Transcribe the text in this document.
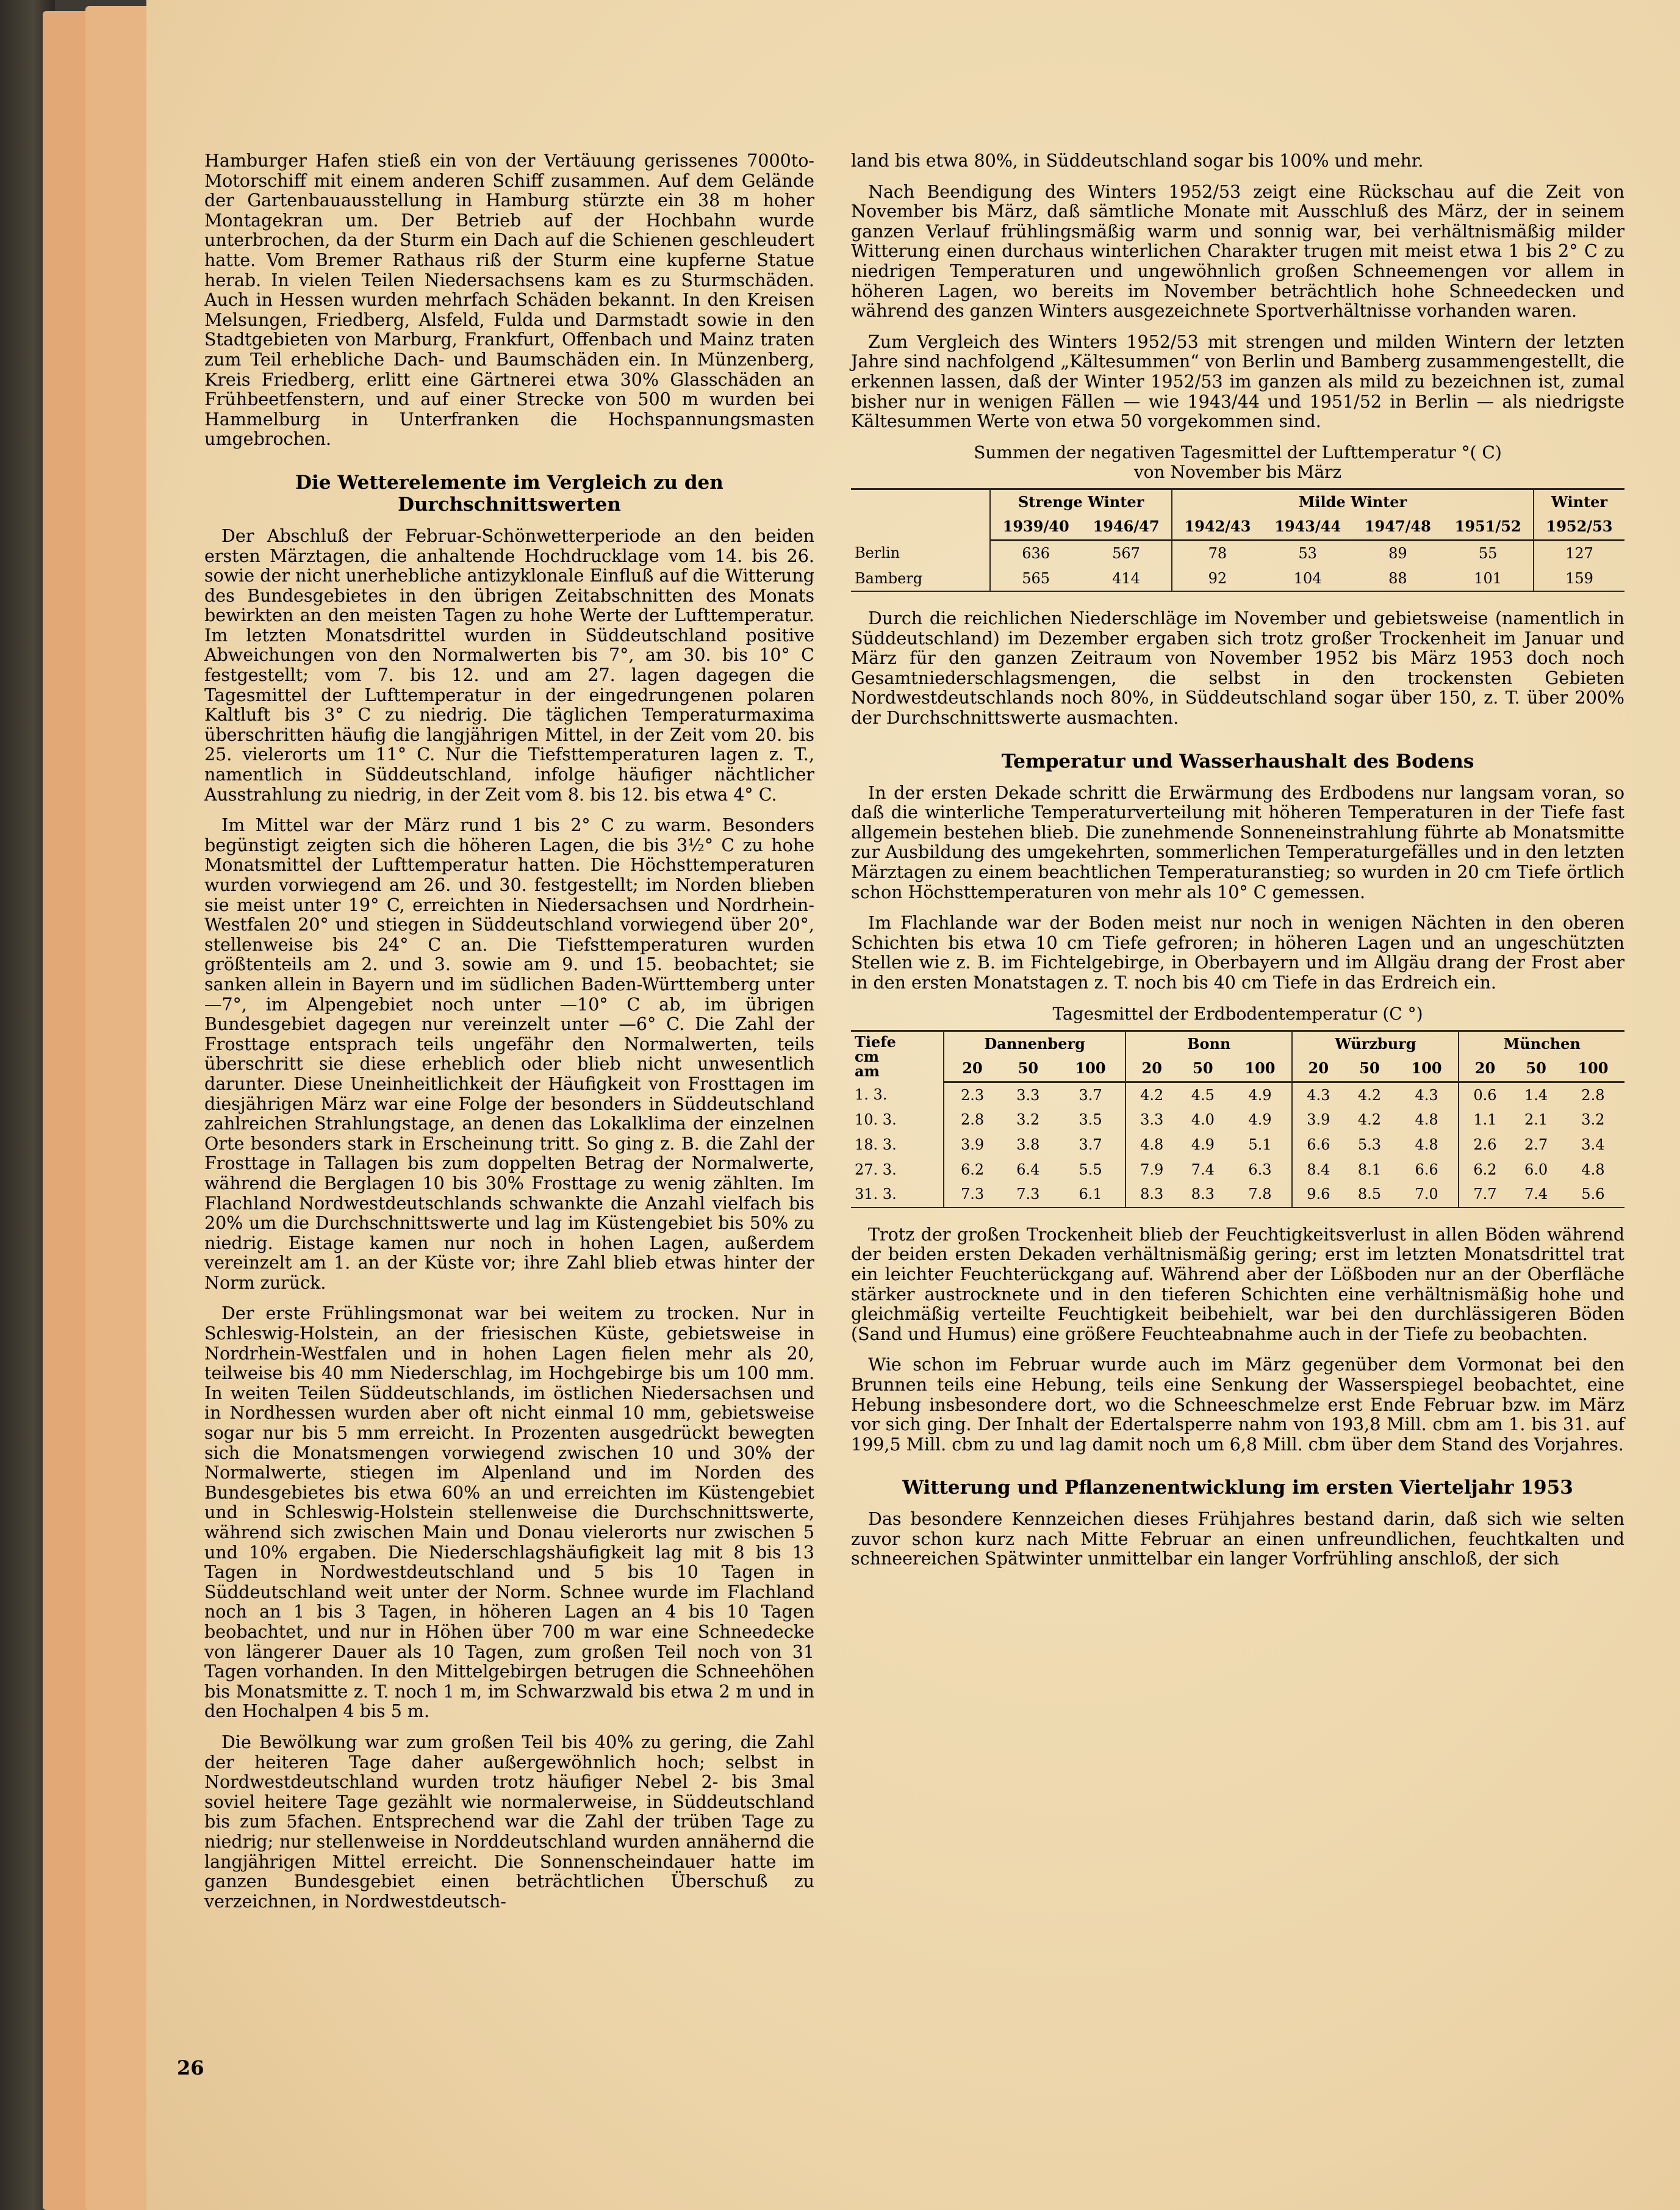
Hamburger Hafen stieß ein von der Vertäuung gerissenes 7000to-Motorschiff mit einem anderen Schiff zusammen. Auf dem Gelände der Gartenbauausstellung in Hamburg stürzte ein 38 m hoher Montagekran um. Der Betrieb auf der Hochbahn wurde unterbrochen, da der Sturm ein Dach auf die Schienen geschleudert hatte. Vom Bremer Rathaus riß der Sturm eine kupferne Statue herab. In vielen Teilen Niedersachsens kam es zu Sturmschäden. Auch in Hessen wurden mehrfach Schäden bekannt. In den Kreisen Melsungen, Friedberg, Alsfeld, Fulda und Darmstadt sowie in den Stadtgebieten von Marburg, Frankfurt, Offenbach und Mainz traten zum Teil erhebliche Dach- und Baumschäden ein. In Münzenberg, Kreis Friedberg, erlitt eine Gärtnerei etwa 30% Glasschäden an Frühbeetfenstern, und auf einer Strecke von 500 m wurden bei Hammelburg in Unterfranken die Hochspannungsmasten umgebrochen.

Die Wetterelemente im Vergleich zu den Durchschnittswerten

Der Abschluß der Februar-Schönwetterperiode an den beiden ersten Märztagen, die anhaltende Hochdrucklage vom 14. bis 26. sowie der nicht unerhebliche antizyklonale Einfluß auf die Witterung des Bundesgebietes in den übrigen Zeitabschnitten des Monats bewirkten an den meisten Tagen zu hohe Werte der Lufttemperatur. Im letzten Monatsdrittel wurden in Süddeutschland positive Abweichungen von den Normalwerten bis 7°, am 30. bis 10° C festgestellt; vom 7. bis 12. und am 27. lagen dagegen die Tagesmittel der Lufttemperatur in der eingedrungenen polaren Kaltluft bis 3° C zu niedrig. Die täglichen Temperaturmaxima überschritten häufig die langjährigen Mittel, in der Zeit vom 20. bis 25. vielerorts um 11° C. Nur die Tiefsttemperaturen lagen z. T., namentlich in Süddeutschland, infolge häufiger nächtlicher Ausstrahlung zu niedrig, in der Zeit vom 8. bis 12. bis etwa 4° C.

Im Mittel war der März rund 1 bis 2° C zu warm. Besonders begünstigt zeigten sich die höheren Lagen, die bis 3½° C zu hohe Monatsmittel der Lufttemperatur hatten. Die Höchsttemperaturen wurden vorwiegend am 26. und 30. festgestellt; im Norden blieben sie meist unter 19° C, erreichten in Niedersachsen und Nordrhein-Westfalen 20° und stiegen in Süddeutschland vorwiegend über 20°, stellenweise bis 24° C an. Die Tiefsttemperaturen wurden größtenteils am 2. und 3. sowie am 9. und 15. beobachtet; sie sanken allein in Bayern und im südlichen Baden-Württemberg unter —7°, im Alpengebiet noch unter —10° C ab, im übrigen Bundesgebiet dagegen nur vereinzelt unter —6° C. Die Zahl der Frosttage entsprach teils ungefähr den Normalwerten, teils überschritt sie diese erheblich oder blieb nicht unwesentlich darunter. Diese Uneinheitlichkeit der Häufigkeit von Frosttagen im diesjährigen März war eine Folge der besonders in Süddeutschland zahlreichen Strahlungstage, an denen das Lokalklima der einzelnen Orte besonders stark in Erscheinung tritt. So ging z. B. die Zahl der Frosttage in Tallagen bis zum doppelten Betrag der Normalwerte, während die Berglagen 10 bis 30% Frosttage zu wenig zählten. Im Flachland Nordwestdeutschlands schwankte die Anzahl vielfach bis 20% um die Durchschnittswerte und lag im Küstengebiet bis 50% zu niedrig. Eistage kamen nur noch in hohen Lagen, außerdem vereinzelt am 1. an der Küste vor; ihre Zahl blieb etwas hinter der Norm zurück.

Der erste Frühlingsmonat war bei weitem zu trocken. Nur in Schleswig-Holstein, an der friesischen Küste, gebietsweise in Nordrhein-Westfalen und in hohen Lagen fielen mehr als 20, teilweise bis 40 mm Niederschlag, im Hochgebirge bis um 100 mm. In weiten Teilen Süddeutschlands, im östlichen Niedersachsen und in Nordhessen wurden aber oft nicht einmal 10 mm, gebietsweise sogar nur bis 5 mm erreicht. In Prozenten ausgedrückt bewegten sich die Monatsmengen vorwiegend zwischen 10 und 30% der Normalwerte, stiegen im Alpenland und im Norden des Bundesgebietes bis etwa 60% an und erreichten im Küstengebiet und in Schleswig-Holstein stellenweise die Durchschnittswerte, während sich zwischen Main und Donau vielerorts nur zwischen 5 und 10% ergaben. Die Niederschlagshäufigkeit lag mit 8 bis 13 Tagen in Nordwestdeutschland und 5 bis 10 Tagen in Süddeutschland weit unter der Norm. Schnee wurde im Flachland noch an 1 bis 3 Tagen, in höheren Lagen an 4 bis 10 Tagen beobachtet, und nur in Höhen über 700 m war eine Schneedecke von längerer Dauer als 10 Tagen, zum großen Teil noch von 31 Tagen vorhanden. In den Mittelgebirgen betrugen die Schneehöhen bis Monatsmitte z. T. noch 1 m, im Schwarzwald bis etwa 2 m und in den Hochalpen 4 bis 5 m.

Die Bewölkung war zum großen Teil bis 40% zu gering, die Zahl der heiteren Tage daher außergewöhnlich hoch; selbst in Nordwestdeutschland wurden trotz häufiger Nebel 2- bis 3mal soviel heitere Tage gezählt wie normalerweise, in Süddeutschland bis zum 5fachen. Entsprechend war die Zahl der trüben Tage zu niedrig; nur stellenweise in Norddeutschland wurden annähernd die langjährigen Mittel erreicht. Die Sonnenscheindauer hatte im ganzen Bundesgebiet einen beträchtlichen Überschuß zu verzeichnen, in Nordwestdeutsch-

land bis etwa 80%, in Süddeutschland sogar bis 100% und mehr.

Nach Beendigung des Winters 1952/53 zeigt eine Rückschau auf die Zeit von November bis März, daß sämtliche Monate mit Ausschluß des März, der in seinem ganzen Verlauf frühlingsmäßig warm und sonnig war, bei verhältnismäßig milder Witterung einen durchaus winterlichen Charakter trugen mit meist etwa 1 bis 2° C zu niedrigen Temperaturen und ungewöhnlich großen Schneemengen vor allem in höheren Lagen, wo bereits im November beträchtlich hohe Schneedecken und während des ganzen Winters ausgezeichnete Sportverhältnisse vorhanden waren.

Zum Vergleich des Winters 1952/53 mit strengen und milden Wintern der letzten Jahre sind nachfolgend „Kältesummen“ von Berlin und Bamberg zusammengestellt, die erkennen lassen, daß der Winter 1952/53 im ganzen als mild zu bezeichnen ist, zumal bisher nur in wenigen Fällen — wie 1943/44 und 1951/52 in Berlin — als niedrigste Kältesummen Werte von etwa 50 vorgekommen sind.

Summen der negativen Tagesmittel der Lufttemperatur °( C)
von November bis März
	Strenge Winter		Milde Winter				Winter
	1939/40	1946/47	1942/43	1943/44	1947/48	1951/52	1952/53
Berlin	636	567	78	53	89	55	127
Bamberg	565	414	92	104	88	101	159

Durch die reichlichen Niederschläge im November und gebietsweise (namentlich in Süddeutschland) im Dezember ergaben sich trotz großer Trockenheit im Januar und März für den ganzen Zeitraum von November 1952 bis März 1953 doch noch Gesamtniederschlagsmengen, die selbst in den trockensten Gebieten Nordwestdeutschlands noch 80%, in Süddeutschland sogar über 150, z. T. über 200% der Durchschnittswerte ausmachten.

Temperatur und Wasserhaushalt des Bodens

In der ersten Dekade schritt die Erwärmung des Erdbodens nur langsam voran, so daß die winterliche Temperaturverteilung mit höheren Temperaturen in der Tiefe fast allgemein bestehen blieb. Die zunehmende Sonneneinstrahlung führte ab Monatsmitte zur Ausbildung des umgekehrten, sommerlichen Temperaturgefälles und in den letzten Märztagen zu einem beachtlichen Temperaturanstieg; so wurden in 20 cm Tiefe örtlich schon Höchsttemperaturen von mehr als 10° C gemessen.

Im Flachlande war der Boden meist nur noch in wenigen Nächten in den oberen Schichten bis etwa 10 cm Tiefe gefroren; in höheren Lagen und an ungeschützten Stellen wie z. B. im Fichtelgebirge, in Oberbayern und im Allgäu drang der Frost aber in den ersten Monatstagen z. T. noch bis 40 cm Tiefe in das Erdreich ein.

Tagesmittel der Erdbodentemperatur (C °)
Tiefe
cm
am	Dannenberg			Bonn			Würzburg			München		
	20	50	100	20	50	100	20	50	100	20	50	100
1. 3.	2.3	3.3	3.7	4.2	4.5	4.9	4.3	4.2	4.3	0.6	1.4	2.8
10. 3.	2.8	3.2	3.5	3.3	4.0	4.9	3.9	4.2	4.8	1.1	2.1	3.2
18. 3.	3.9	3.8	3.7	4.8	4.9	5.1	6.6	5.3	4.8	2.6	2.7	3.4
27. 3.	6.2	6.4	5.5	7.9	7.4	6.3	8.4	8.1	6.6	6.2	6.0	4.8
31. 3.	7.3	7.3	6.1	8.3	8.3	7.8	9.6	8.5	7.0	7.7	7.4	5.6

Trotz der großen Trockenheit blieb der Feuchtigkeitsverlust in allen Böden während der beiden ersten Dekaden verhältnismäßig gering; erst im letzten Monatsdrittel trat ein leichter Feuchterückgang auf. Während aber der Lößboden nur an der Oberfläche stärker austrocknete und in den tieferen Schichten eine verhältnismäßig hohe und gleichmäßig verteilte Feuchtigkeit beibehielt, war bei den durchlässigeren Böden (Sand und Humus) eine größere Feuchteabnahme auch in der Tiefe zu beobachten.

Wie schon im Februar wurde auch im März gegenüber dem Vormonat bei den Brunnen teils eine Hebung, teils eine Senkung der Wasserspiegel beobachtet, eine Hebung insbesondere dort, wo die Schneeschmelze erst Ende Februar bzw. im März vor sich ging. Der Inhalt der Edertalsperre nahm von 193,8 Mill. cbm am 1. bis 31. auf 199,5 Mill. cbm zu und lag damit noch um 6,8 Mill. cbm über dem Stand des Vorjahres.

Witterung und Pflanzenentwicklung im ersten Vierteljahr 1953

Das besondere Kennzeichen dieses Frühjahres bestand darin, daß sich wie selten zuvor schon kurz nach Mitte Februar an einen unfreundlichen, feuchtkalten und schneereichen Spätwinter unmittelbar ein langer Vorfrühling anschloß, der sich

26
